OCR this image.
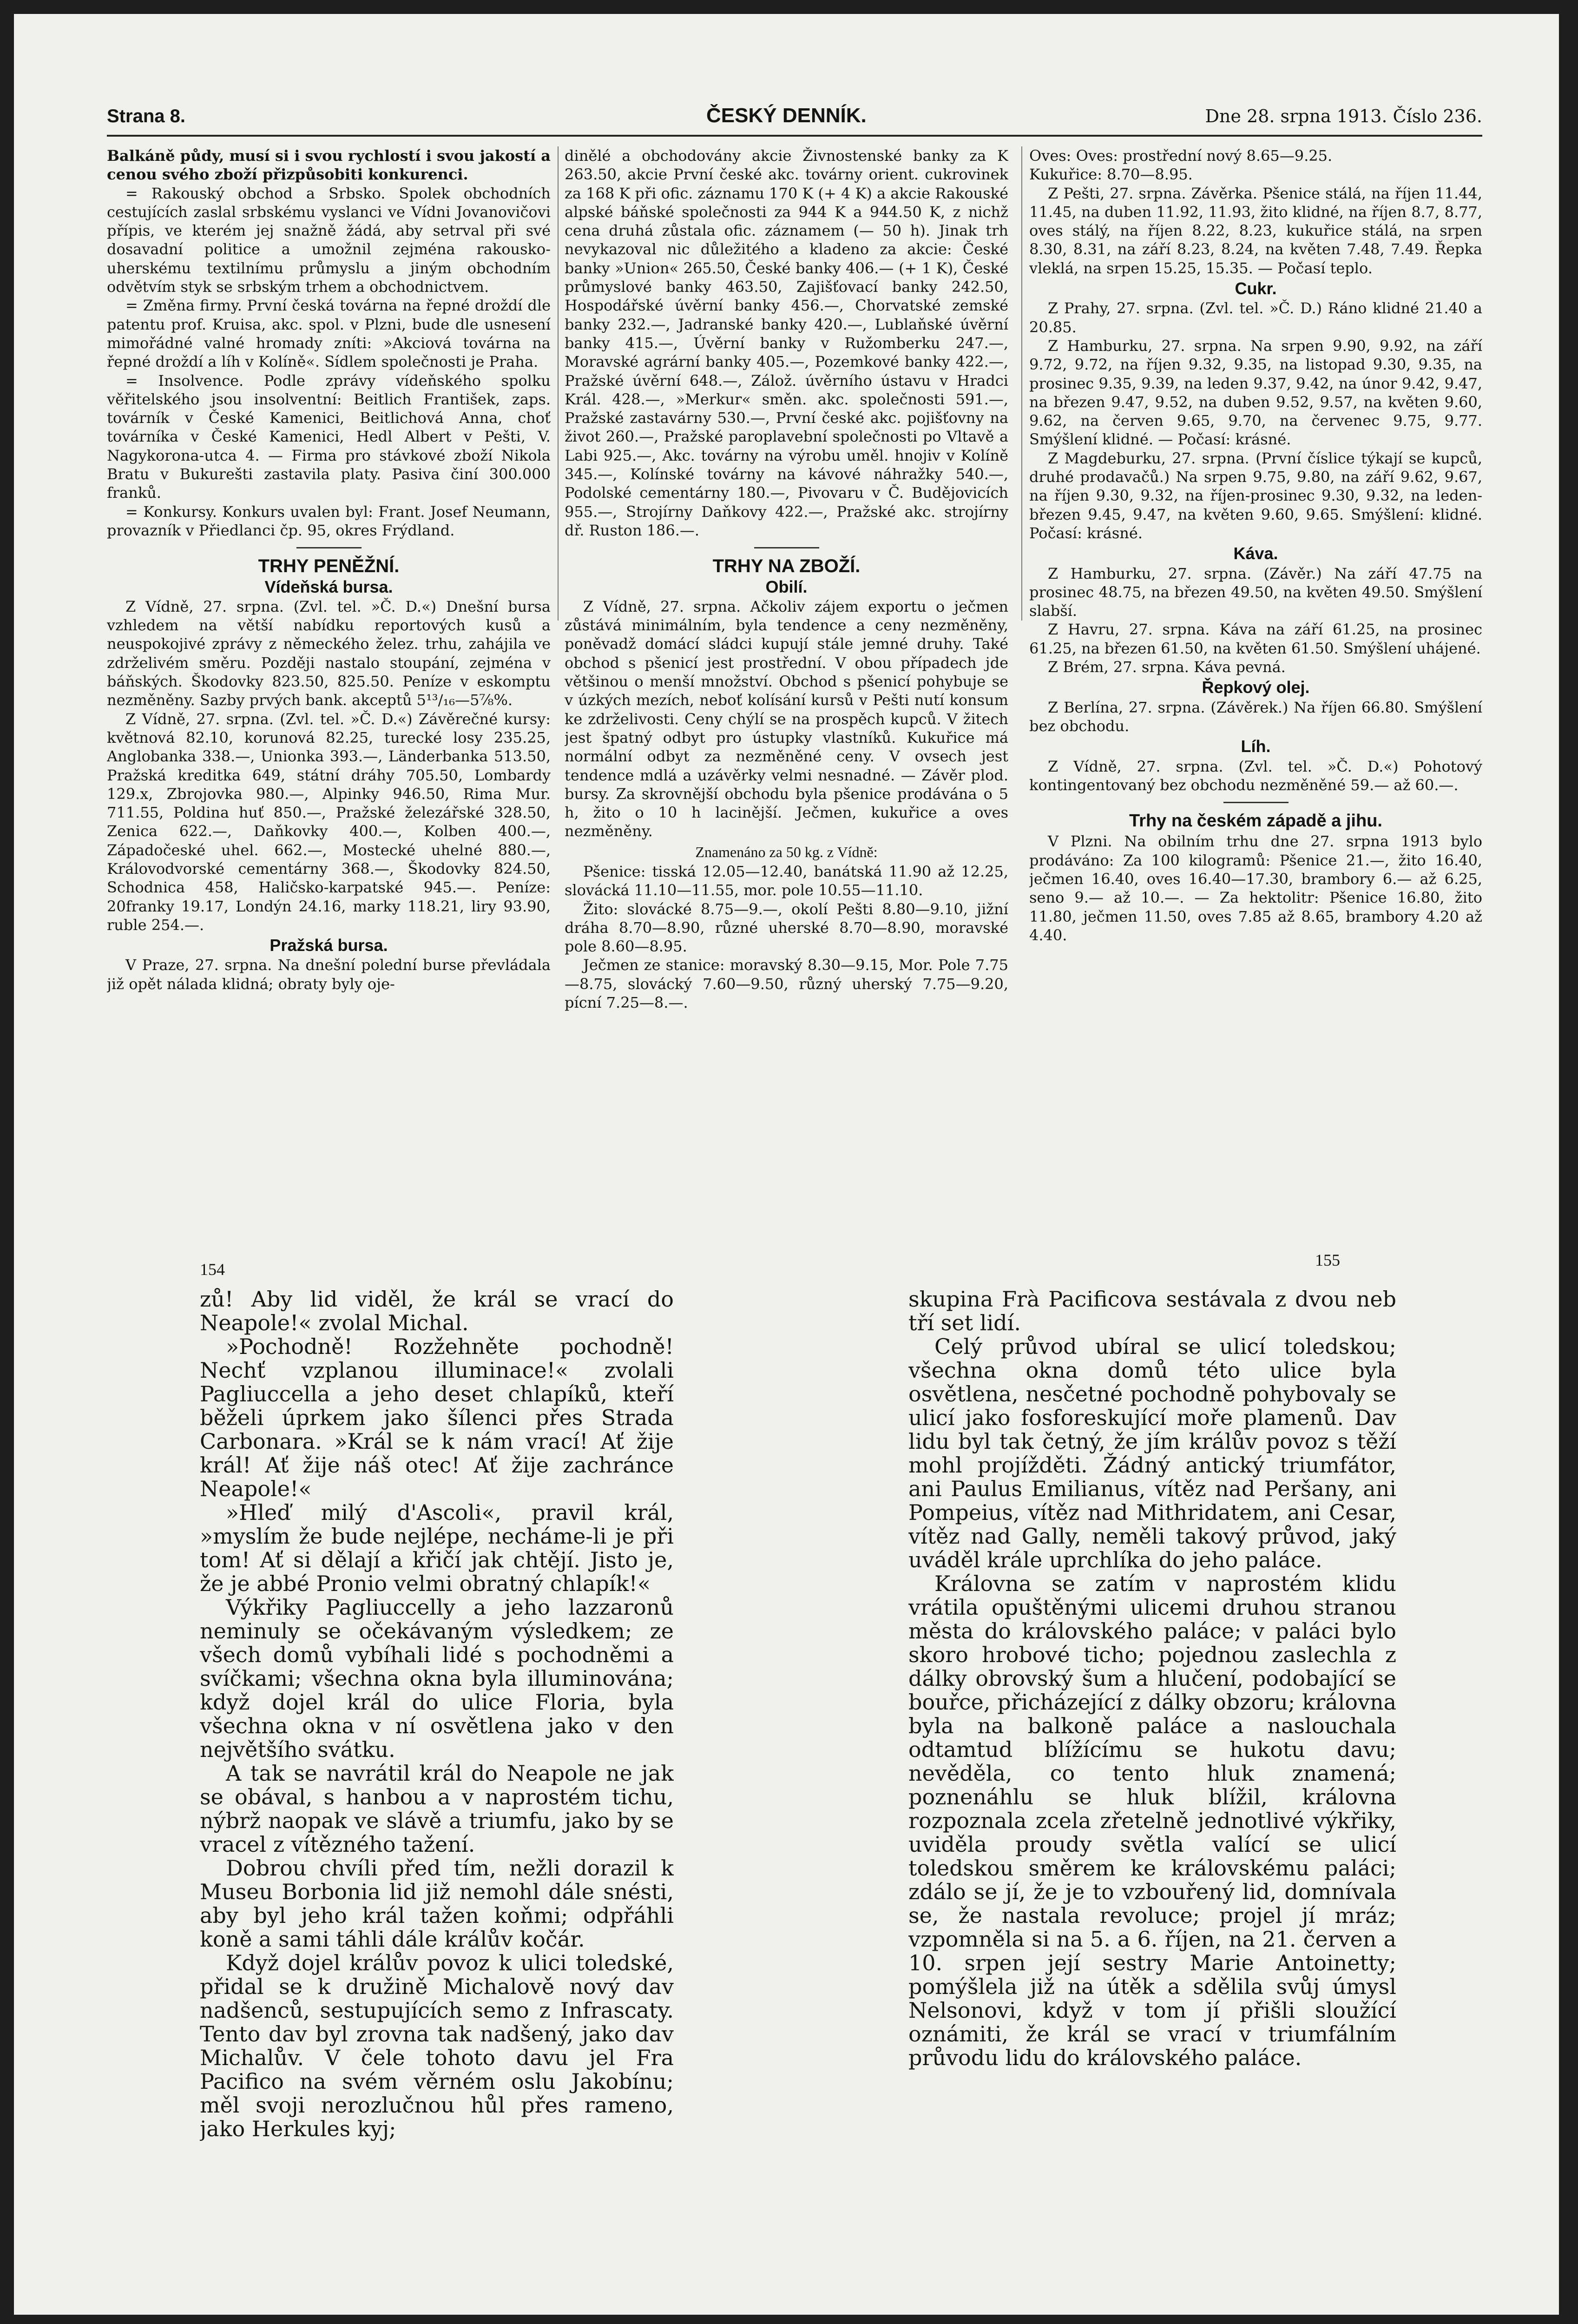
Strana 8.	ČESKÝ DENNÍK.	Dne 28. srpna 1913. Číslo 236.

Balkáně půdy, musí si i svou rychlostí i svou jakostí a cenou svého zboží přizpůsobiti konkurenci.

= Rakouský obchod a Srbsko. Spolek obchodních cestujících zaslal srbskému vyslanci ve Vídni Jovanovičovi přípis, ve kterém jej snažně žádá, aby setrval při své dosavadní politice a umožnil zejména rakousko-uherskému textilnímu průmyslu a jiným obchodním odvětvím styk se srbským trhem a obchodnictvem.

= Změna firmy. První česká továrna na řepné droždí dle patentu prof. Kruisa, akc. spol. v Plzni, bude dle usnesení mimořádné valné hromady zníti: »Akciová továrna na řepné droždí a líh v Kolíně«. Sídlem společnosti je Praha.

= Insolvence. Podle zprávy vídeňského spolku věřitelského jsou insolventní: Beitlich František, zaps. továrník v České Kamenici, Beitlichová Anna, choť továrníka v České Kamenici, Hedl Albert v Pešti, V. Nagykorona-utca 4. — Firma pro stávkové zboží Nikola Bratu v Bukurešti zastavila platy. Pasiva činí 300.000 franků.

= Konkursy. Konkurs uvalen byl: Frant. Josef Neumann, provazník v Přiedlanci čp. 95, okres Frýdland.

TRHY PENĚŽNÍ.
Vídeňská bursa.

Z Vídně, 27. srpna. (Zvl. tel. »Č. D.«) Dnešní bursa vzhledem na větší nabídku reportových kusů a neuspokojivé zprávy z německého želez. trhu, zahájila ve zdrželivém směru. Později nastalo stoupání, zejména v báňských. Škodovky 823.50, 825.50. Peníze v eskomptu nezměněny. Sazby prvých bank. akceptů 5¹³/₁₆—5⅞%.

Z Vídně, 27. srpna. (Zvl. tel. »Č. D.«) Závěrečné kursy: květnová 82.10, korunová 82.25, turecké losy 235.25, Anglobanka 338.—, Unionka 393.—, Länderbanka 513.50, Pražská kreditka 649, státní dráhy 705.50, Lombardy 129.x, Zbrojovka 980.—, Alpinky 946.50, Rima Mur. 711.55, Poldina huť 850.—, Pražské železářské 328.50, Zenica 622.—, Daňkovky 400.—, Kolben 400.—, Západočeské uhel. 662.—, Mostecké uhelné 880.—, Královodvorské cementárny 368.—, Škodovky 824.50, Schodnica 458, Haličsko-karpatské 945.—. Peníze: 20franky 19.17, Londýn 24.16, marky 118.21, liry 93.90, ruble 254.—.

Pražská bursa.

V Praze, 27. srpna. Na dnešní polední burse převládala již opět nálada klidná; obraty byly oje-

dinělé a obchodovány akcie Živnostenské banky za K 263.50, akcie První české akc. továrny orient. cukrovinek za 168 K při ofic. záznamu 170 K (+ 4 K) a akcie Rakouské alpské báňské společnosti za 944 K a 944.50 K, z nichž cena druhá zůstala ofic. záznamem (— 50 h). Jinak trh nevykazoval nic důležitého a kladeno za akcie: České banky »Union« 265.50, České banky 406.— (+ 1 K), České průmyslové banky 463.50, Zajišťovací banky 242.50, Hospodářské úvěrní banky 456.—, Chorvatské zemské banky 232.—, Jadranské banky 420.—, Lublaňské úvěrní banky 415.—, Úvěrní banky v Ružomberku 247.—, Moravské agrární banky 405.—, Pozemkové banky 422.—, Pražské úvěrní 648.—, Zálož. úvěrního ústavu v Hradci Král. 428.—, »Merkur« směn. akc. společnosti 591.—, Pražské zastavárny 530.—, První české akc. pojišťovny na život 260.—, Pražské paroplavební společnosti po Vltavě a Labi 925.—, Akc. továrny na výrobu uměl. hnojiv v Kolíně 345.—, Kolínské továrny na kávové náhražky 540.—, Podolské cementárny 180.—, Pivovaru v Č. Budějovicích 955.—, Strojírny Daňkovy 422.—, Pražské akc. strojírny dř. Ruston 186.—.

TRHY NA ZBOŽÍ.
Obilí.

Z Vídně, 27. srpna. Ačkoliv zájem exportu o ječmen zůstává minimálním, byla tendence a ceny nezměněny, poněvadž domácí sládci kupují stále jemné druhy. Také obchod s pšenicí jest prostřední. V obou případech jde většinou o menší množství. Obchod s pšenicí pohybuje se v úzkých mezích, neboť kolísání kursů v Pešti nutí konsum ke zdrželivosti. Ceny chýlí se na prospěch kupců. V žitech jest špatný odbyt pro ústupky vlastníků. Kukuřice má normální odbyt za nezměněné ceny. V ovsech jest tendence mdlá a uzávěrky velmi nesnadné. — Závěr plod. bursy. Za skrovnější obchodu byla pšenice prodávána o 5 h, žito o 10 h lacinější. Ječmen, kukuřice a oves nezměněny.

Znamenáno za 50 kg. z Vídně:

Pšenice: tisská 12.05—12.40, banátská 11.90 až 12.25, slovácká 11.10—11.55, mor. pole 10.55—11.10.

Žito: slovácké 8.75—9.—, okolí Pešti 8.80—9.10, jižní dráha 8.70—8.90, různé uherské 8.70—8.90, moravské pole 8.60—8.95.

Ječmen ze stanice: moravský 8.30—9.15, Mor. Pole 7.75—8.75, slovácký 7.60—9.50, různý uherský 7.75—9.20, pícní 7.25—8.—.

Oves: Oves: prostřední nový 8.65—9.25.

Kukuřice: 8.70—8.95.

Z Pešti, 27. srpna. Závěrka. Pšenice stálá, na říjen 11.44, 11.45, na duben 11.92, 11.93, žito klidné, na říjen 8.7, 8.77, oves stálý, na říjen 8.22, 8.23, kukuřice stálá, na srpen 8.30, 8.31, na září 8.23, 8.24, na květen 7.48, 7.49. Řepka vleklá, na srpen 15.25, 15.35. — Počasí teplo.

Cukr.

Z Prahy, 27. srpna. (Zvl. tel. »Č. D.) Ráno klidné 21.40 a 20.85.

Z Hamburku, 27. srpna. Na srpen 9.90, 9.92, na září 9.72, 9.72, na říjen 9.32, 9.35, na listopad 9.30, 9.35, na prosinec 9.35, 9.39, na leden 9.37, 9.42, na únor 9.42, 9.47, na březen 9.47, 9.52, na duben 9.52, 9.57, na květen 9.60, 9.62, na červen 9.65, 9.70, na červenec 9.75, 9.77. Smýšlení klidné. — Počasí: krásné.

Z Magdeburku, 27. srpna. (První číslice týkají se kupců, druhé prodavačů.) Na srpen 9.75, 9.80, na září 9.62, 9.67, na říjen 9.30, 9.32, na říjen-prosinec 9.30, 9.32, na leden-březen 9.45, 9.47, na květen 9.60, 9.65. Smýšlení: klidné. Počasí: krásné.

Káva.

Z Hamburku, 27. srpna. (Závěr.) Na září 47.75 na prosinec 48.75, na březen 49.50, na květen 49.50. Smýšlení slabší.

Z Havru, 27. srpna. Káva na září 61.25, na prosinec 61.25, na březen 61.50, na květen 61.50. Smýšlení uhájené.

Z Brém, 27. srpna. Káva pevná.

Řepkový olej.

Z Berlína, 27. srpna. (Závěrek.) Na říjen 66.80. Smýšlení bez obchodu.

Líh.

Z Vídně, 27. srpna. (Zvl. tel. »Č. D.«) Pohotový kontingentovaný bez obchodu nezměněné 59.— až 60.—.

Trhy na českém západě a jihu.

V Plzni. Na obilním trhu dne 27. srpna 1913 bylo prodáváno: Za 100 kilogramů: Pšenice 21.—, žito 16.40, ječmen 16.40, oves 16.40—17.30, brambory 6.— až 6.25, seno 9.— až 10.—. — Za hektolitr: Pšenice 16.80, žito 11.80, ječmen 11.50, oves 7.85 až 8.65, brambory 4.20 až 4.40.

154	155

zů! Aby lid viděl, že král se vrací do Neapole!« zvolal Michal.

»Pochodně! Rozžehněte pochodně! Nechť vzplanou illuminace!« zvolali Pagliuccella a jeho deset chlapíků, kteří běželi úprkem jako šílenci přes Strada Carbonara. »Král se k nám vrací! Ať žije král! Ať žije náš otec! Ať žije zachránce Neapole!«

»Hleď milý d'Ascoli«, pravil král, »myslím že bude nejlépe, necháme-li je při tom! Ať si dělají a křičí jak chtějí. Jisto je, že je abbé Pronio velmi obratný chlapík!«

Výkřiky Pagliuccelly a jeho lazzaronů neminuly se očekávaným výsledkem; ze všech domů vybíhali lidé s pochodněmi a svíčkami; všechna okna byla illuminována; když dojel král do ulice Floria, byla všechna okna v ní osvětlena jako v den největšího svátku.

A tak se navrátil král do Neapole ne jak se obával, s hanbou a v naprostém tichu, nýbrž naopak ve slávě a triumfu, jako by se vracel z vítězného tažení.

Dobrou chvíli před tím, nežli dorazil k Museu Borbonia lid již nemohl dále snésti, aby byl jeho král tažen koňmi; odpřáhli koně a sami táhli dále králův kočár.

Když dojel králův povoz k ulici toledské, přidal se k družině Michalově nový dav nadšenců, sestupujících semo z Infrascaty. Tento dav byl zrovna tak nadšený, jako dav Michalův. V čele tohoto davu jel Fra Pacifico na svém věrném oslu Jakobínu; měl svoji nerozlučnou hůl přes rameno, jako Herkules kyj;

skupina Frà Pacificova sestávala z dvou neb tří set lidí.

Celý průvod ubíral se ulicí toledskou; všechna okna domů této ulice byla osvětlena, nesčetné pochodně pohybovaly se ulicí jako fosforeskující moře plamenů. Dav lidu byl tak četný, že jím králův povoz s těží mohl projížděti. Žádný antický triumfátor, ani Paulus Emilianus, vítěz nad Peršany, ani Pompeius, vítěz nad Mithridatem, ani Cesar, vítěz nad Gally, neměli takový průvod, jaký uváděl krále uprchlíka do jeho paláce.

Královna se zatím v naprostém klidu vrátila opuštěnými ulicemi druhou stranou města do královského paláce; v paláci bylo skoro hrobové ticho; pojednou zaslechla z dálky obrovský šum a hlučení, podobající se bouřce, přicházející z dálky obzoru; královna byla na balkoně paláce a naslouchala odtamtud blížícímu se hukotu davu; nevěděla, co tento hluk znamená; poznenáhlu se hluk blížil, královna rozpoznala zcela zřetelně jednotlivé výkřiky, uviděla proudy světla valící se ulicí toledskou směrem ke královskému paláci; zdálo se jí, že je to vzbouřený lid, domnívala se, že nastala revoluce; projel jí mráz; vzpomněla si na 5. a 6. říjen, na 21. červen a 10. srpen její sestry Marie Antoinetty; pomýšlela již na útěk a sdělila svůj úmysl Nelsonovi, když v tom jí přišli sloužící oznámiti, že král se vrací v triumfálním průvodu lidu do královského paláce.
